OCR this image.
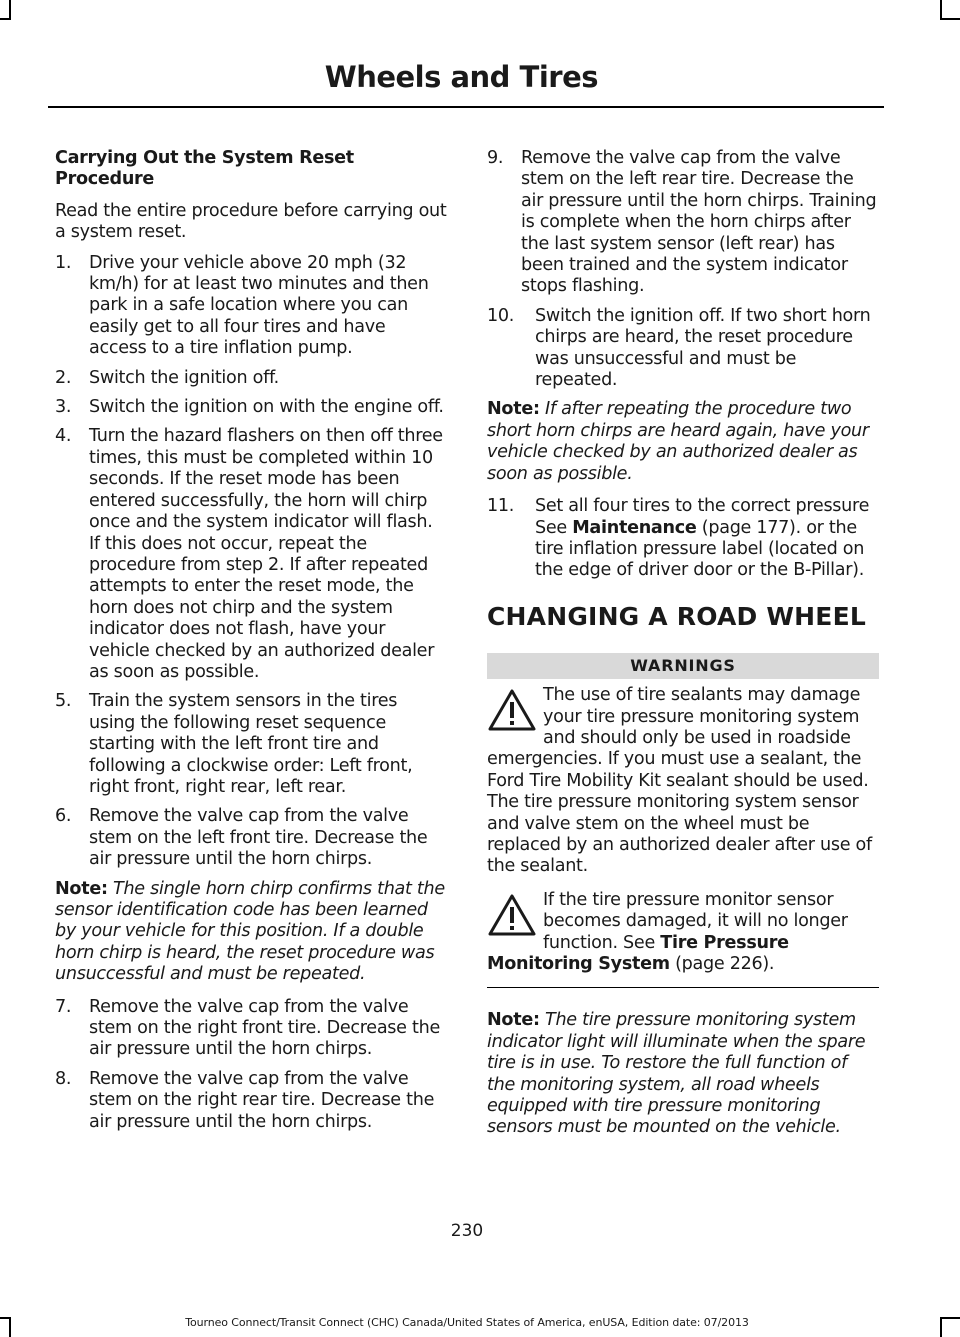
Wheels and Tires
Carrying Out the System Reset Procedure

Read the entire procedure before carrying out a system reset.

1. Drive your vehicle above 20 mph (32 km/h) for at least two minutes and then park in a safe location where you can easily get to all four tires and have access to a tire inflation pump.
2. Switch the ignition off.
3. Switch the ignition on with the engine off.
4. Turn the hazard flashers on then off three times, this must be completed within 10 seconds. If the reset mode has been entered successfully, the horn will chirp once and the system indicator will flash. If this does not occur, repeat the procedure from step 2. If after repeated attempts to enter the reset mode, the horn does not chirp and the system indicator does not flash, have your vehicle checked by an authorized dealer as soon as possible.
5. Train the system sensors in the tires using the following reset sequence starting with the left front tire and following a clockwise order: Left front, right front, right rear, left rear.
6. Remove the valve cap from the valve stem on the left front tire. Decrease the air pressure until the horn chirps.

Note: The single horn chirp confirms that the sensor identification code has been learned by your vehicle for this position. If a double horn chirp is heard, the reset procedure was unsuccessful and must be repeated.

7. Remove the valve cap from the valve stem on the right front tire. Decrease the air pressure until the horn chirps.
8. Remove the valve cap from the valve stem on the right rear tire. Decrease the air pressure until the horn chirps.
9. Remove the valve cap from the valve stem on the left rear tire. Decrease the air pressure until the horn chirps. Training is complete when the horn chirps after the last system sensor (left rear) has been trained and the system indicator stops flashing.
10. Switch the ignition off. If two short horn chirps are heard, the reset procedure was unsuccessful and must be repeated.

Note: If after repeating the procedure two short horn chirps are heard again, have your vehicle checked by an authorized dealer as soon as possible.

11. Set all four tires to the correct pressure See Maintenance (page 177). or the tire inflation pressure label (located on the edge of driver door or the B-Pillar).
CHANGING A ROAD WHEEL
WARNINGS
The use of tire sealants may damage your tire pressure monitoring system and should only be used in roadside emergencies. If you must use a sealant, the Ford Tire Mobility Kit sealant should be used. The tire pressure monitoring system sensor and valve stem on the wheel must be replaced by an authorized dealer after use of the sealant.
If the tire pressure monitor sensor becomes damaged, it will no longer function. See Tire Pressure Monitoring System (page 226).

Note: The tire pressure monitoring system indicator light will illuminate when the spare tire is in use. To restore the full function of the monitoring system, all road wheels equipped with tire pressure monitoring sensors must be mounted on the vehicle.

230
Tourneo Connect/Transit Connect (CHC) Canada/United States of America, enUSA, Edition date: 07/2013
